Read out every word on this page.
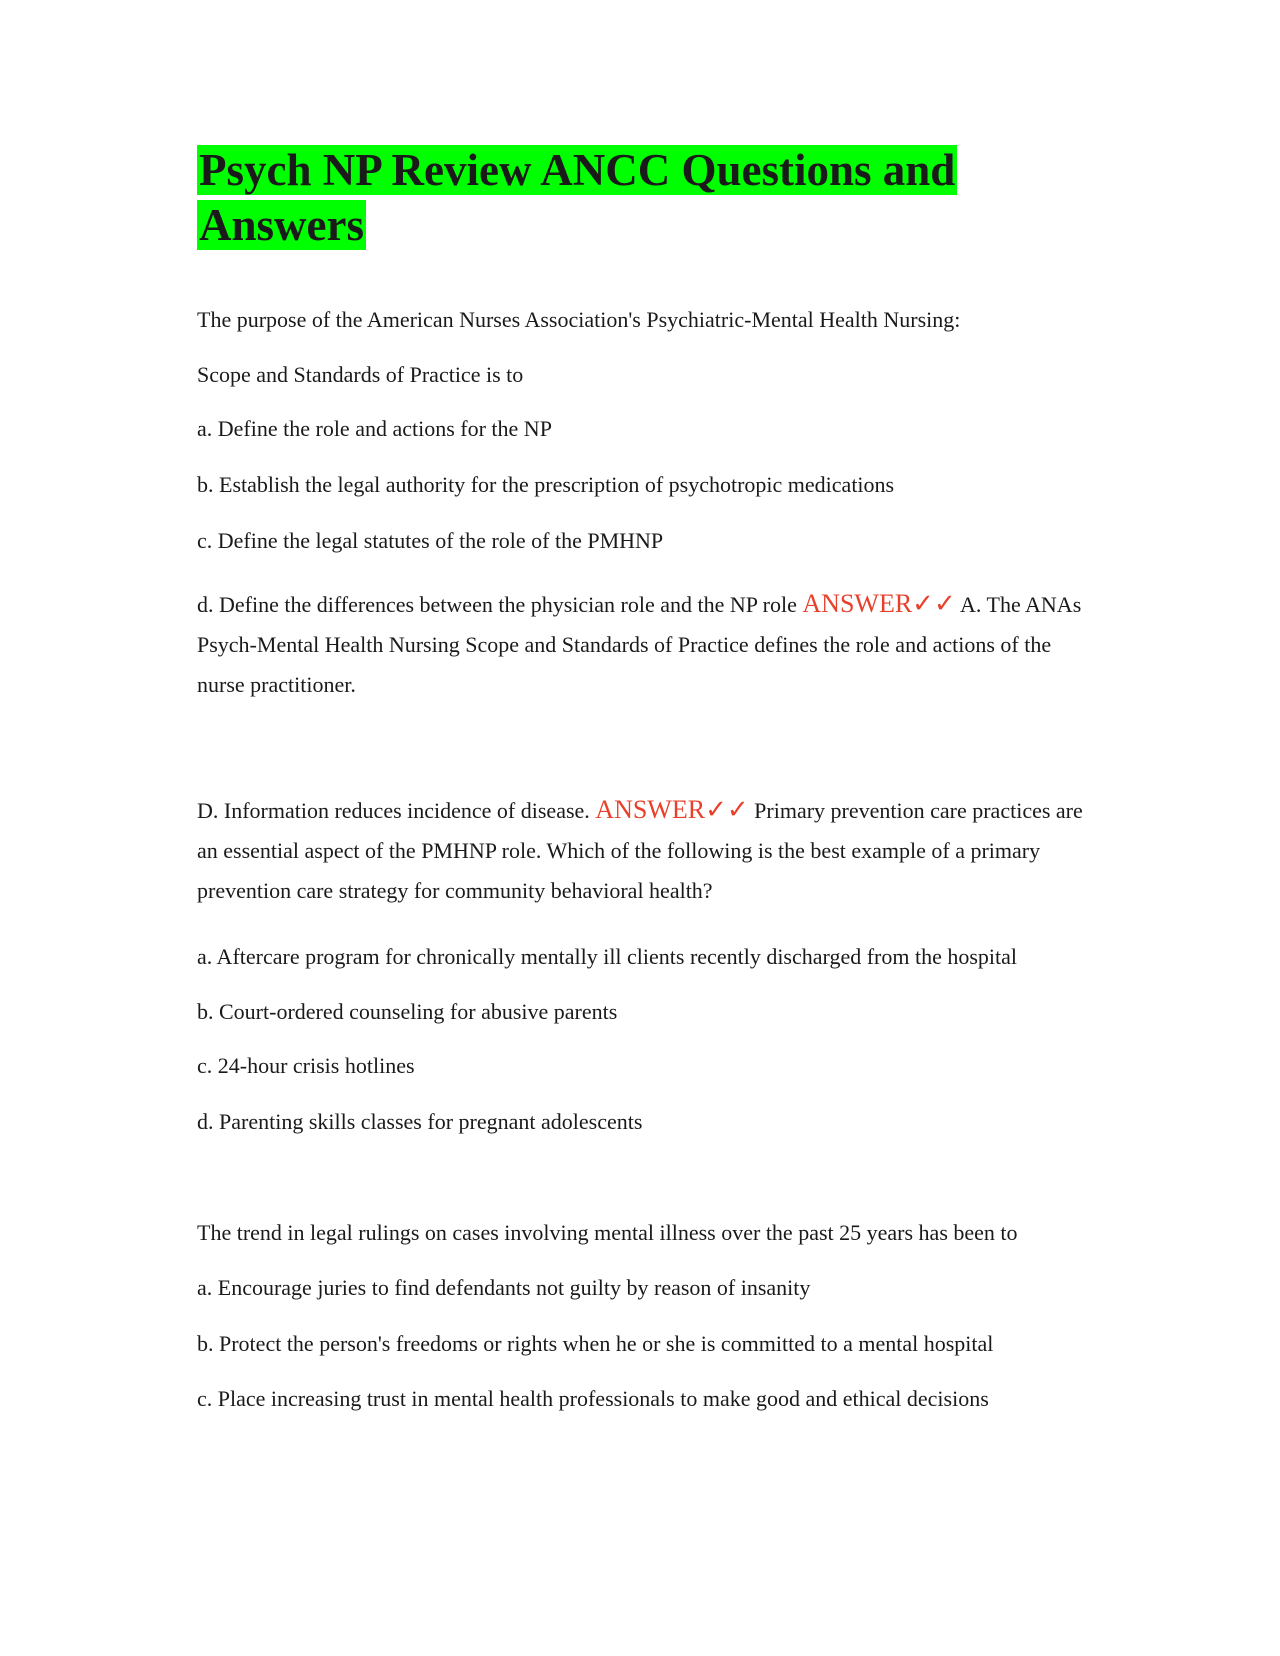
Psych NP Review ANCC Questions and Answers

The purpose of the American Nurses Association's Psychiatric-Mental Health Nursing:

Scope and Standards of Practice is to

a. Define the role and actions for the NP

b. Establish the legal authority for the prescription of psychotropic medications

c. Define the legal statutes of the role of the PMHNP

d. Define the differences between the physician role and the NP role ANSWER✓✓ A. The ANAs Psych-Mental Health Nursing Scope and Standards of Practice defines the role and actions of the nurse practitioner.

D. Information reduces incidence of disease. ANSWER✓✓ Primary prevention care practices are an essential aspect of the PMHNP role. Which of the following is the best example of a primary prevention care strategy for community behavioral health?

a. Aftercare program for chronically mentally ill clients recently discharged from the hospital

b. Court-ordered counseling for abusive parents

c. 24-hour crisis hotlines

d. Parenting skills classes for pregnant adolescents

The trend in legal rulings on cases involving mental illness over the past 25 years has been to

a. Encourage juries to find defendants not guilty by reason of insanity

b. Protect the person's freedoms or rights when he or she is committed to a mental hospital

c. Place increasing trust in mental health professionals to make good and ethical decisions
